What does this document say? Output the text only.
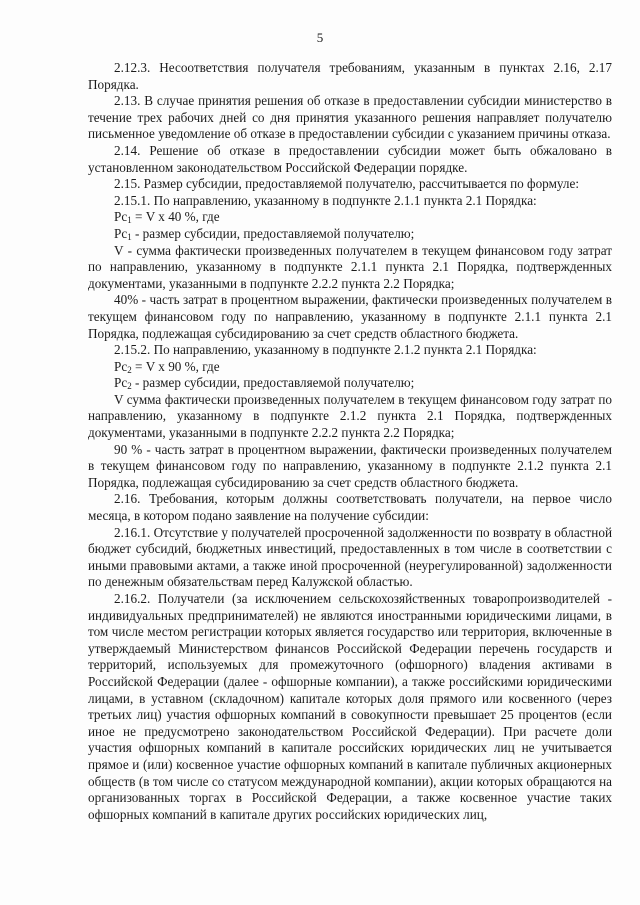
5

2.12.3. Несоответствия получателя требованиям, указанным в пунктах 2.16, 2.17 Порядка.

2.13. В случае принятия решения об отказе в предоставлении субсидии министерство в течение трех рабочих дней со дня принятия указанного решения направляет получателю письменное уведомление об отказе в предоставлении субсидии с указанием причины отказа.

2.14. Решение об отказе в предоставлении субсидии может быть обжаловано в установленном законодательством Российской Федерации порядке.

2.15. Размер субсидии, предоставляемой получателю, рассчитывается по формуле:

2.15.1. По направлению, указанному в подпункте 2.1.1 пункта 2.1 Порядка:

$Рс_1 = V$ х 40 %, где

$Рс_1$ - размер субсидии, предоставляемой получателю;

V - сумма фактически произведенных получателем в текущем финансовом году затрат по направлению, указанному в подпункте 2.1.1 пункта 2.1 Порядка, подтвержденных документами, указанными в подпункте 2.2.2 пункта 2.2 Порядка;

40% - часть затрат в процентном выражении, фактически произведенных получателем в текущем финансовом году по направлению, указанному в подпункте 2.1.1 пункта 2.1 Порядка, подлежащая субсидированию за счет средств областного бюджета.

2.15.2. По направлению, указанному в подпункте 2.1.2 пункта 2.1 Порядка:

$Рс_2 = V$ х 90 %, где

$Рс_2$ - размер субсидии, предоставляемой получателю;

V сумма фактически произведенных получателем в текущем финансовом году затрат по направлению, указанному в подпункте 2.1.2 пункта 2.1 Порядка, подтвержденных документами, указанными в подпункте 2.2.2 пункта 2.2 Порядка;

90 % - часть затрат в процентном выражении, фактически произведенных получателем в текущем финансовом году по направлению, указанному в подпункте 2.1.2 пункта 2.1 Порядка, подлежащая субсидированию за счет средств областного бюджета.

2.16. Требования, которым должны соответствовать получатели, на первое число месяца, в котором подано заявление на получение субсидии:

2.16.1. Отсутствие у получателей просроченной задолженности по возврату в областной бюджет субсидий, бюджетных инвестиций, предоставленных в том числе в соответствии с иными правовыми актами, а также иной просроченной (неурегулированной) задолженности по денежным обязательствам перед Калужской областью.

2.16.2. Получатели (за исключением сельскохозяйственных товаропроизводителей - индивидуальных предпринимателей) не являются иностранными юридическими лицами, в том числе местом регистрации которых является государство или территория, включенные в утверждаемый Министерством финансов Российской Федерации перечень государств и территорий, используемых для промежуточного (офшорного) владения активами в Российской Федерации (далее - офшорные компании), а также российскими юридическими лицами, в уставном (складочном) капитале которых доля прямого или косвенного (через третьих лиц) участия офшорных компаний в совокупности превышает 25 процентов (если иное не предусмотрено законодательством Российской Федерации). При расчете доли участия офшорных компаний в капитале российских юридических лиц не учитывается прямое и (или) косвенное участие офшорных компаний в капитале публичных акционерных обществ (в том числе со статусом международной компании), акции которых обращаются на организованных торгах в Российской Федерации, а также косвенное участие таких офшорных компаний в капитале других российских юридических лиц,
